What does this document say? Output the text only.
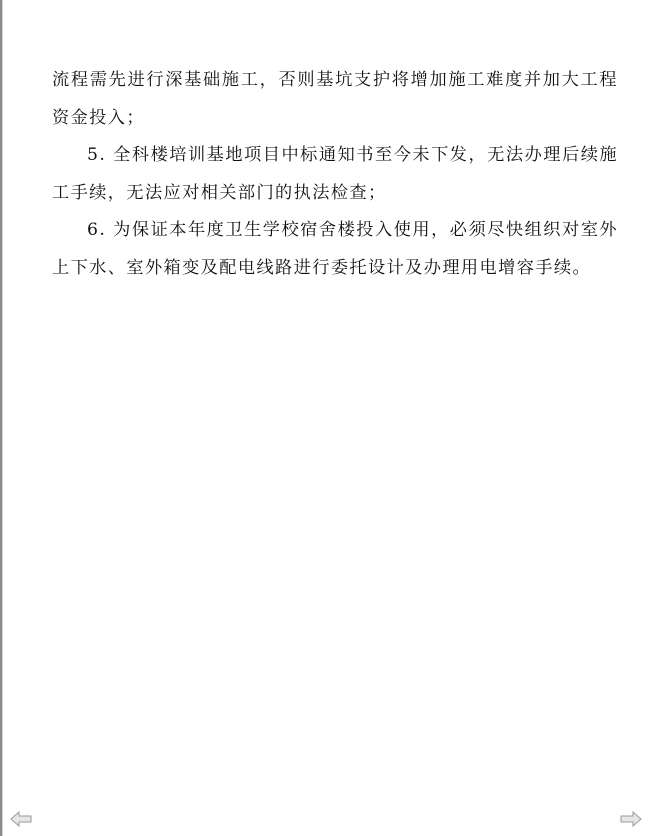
流程需先进行深基础施工，否则基坑支护将增加施工难度并加大工程资金投入；

5. 全科楼培训基地项目中标通知书至今未下发，无法办理后续施工手续，无法应对相关部门的执法检查；

6. 为保证本年度卫生学校宿舍楼投入使用，必须尽快组织对室外上下水、室外箱变及配电线路进行委托设计及办理用电增容手续。
